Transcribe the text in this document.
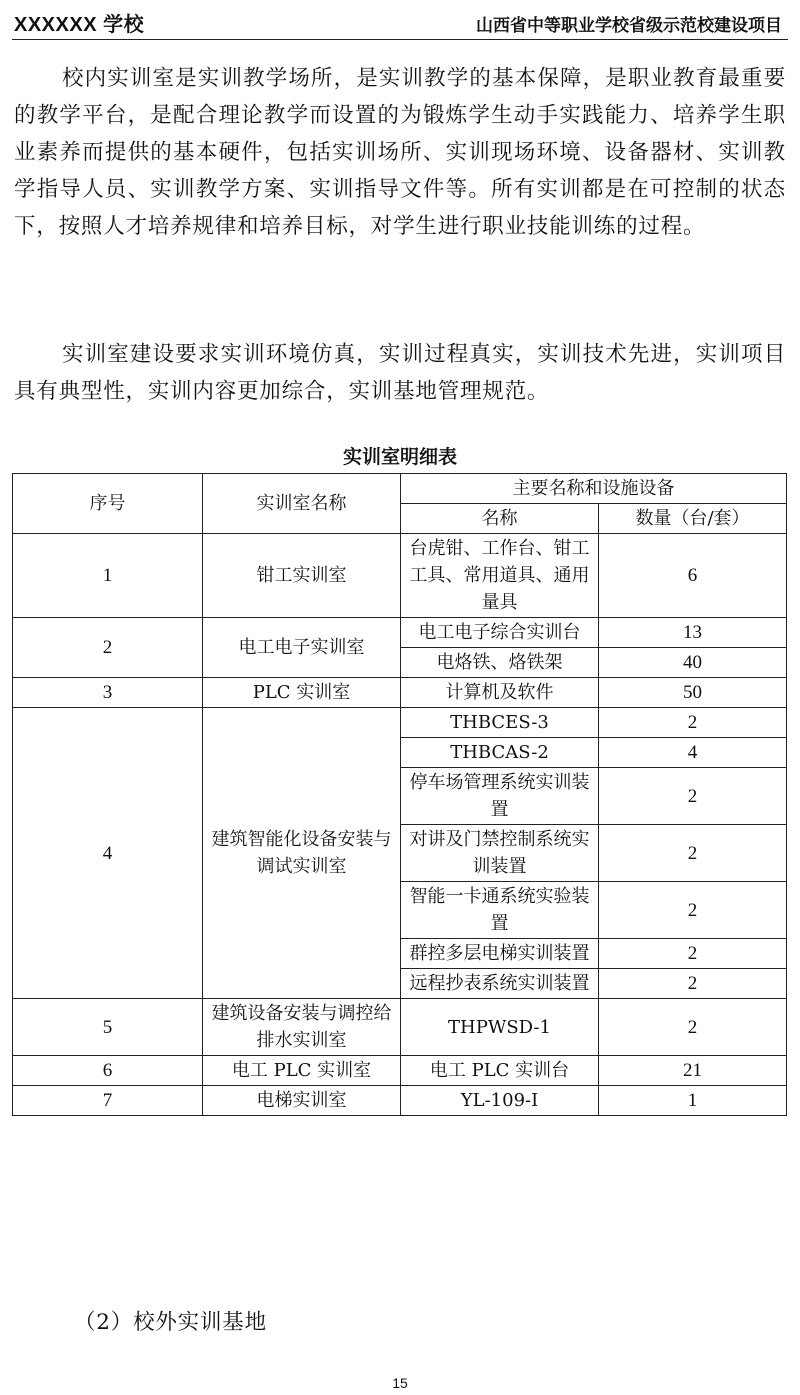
XXXXXX 学校	山西省中等职业学校省级示范校建设项目

校内实训室是实训教学场所，是实训教学的基本保障，是职业教育最重要的教学平台，是配合理论教学而设置的为锻炼学生动手实践能力、培养学生职业素养而提供的基本硬件，包括实训场所、实训现场环境、设备器材、实训教学指导人员、实训教学方案、实训指导文件等。所有实训都是在可控制的状态下，按照人才培养规律和培养目标，对学生进行职业技能训练的过程。

实训室建设要求实训环境仿真，实训过程真实，实训技术先进，实训项目具有典型性，实训内容更加综合，实训基地管理规范。

实训室明细表
序号	实训室名称	主要名称和设施设备	
		名称	数量（台/套）
1	钳工实训室	台虎钳、工作台、钳工工具、常用道具、通用量具	6
2	电工电子实训室	电工电子综合实训台	13
		电烙铁、烙铁架	40
3	PLC 实训室	计算机及软件	50
4	建筑智能化设备安装与调试实训室	THBCES-3	2
		THBCAS-2	4
		停车场管理系统实训装置	2
		对讲及门禁控制系统实训装置	2
		智能一卡通系统实验装置	2
		群控多层电梯实训装置	2
		远程抄表系统实训装置	2
5	建筑设备安装与调控给排水实训室	THPWSD-1	2
6	电工 PLC 实训室	电工 PLC 实训台	21
7	电梯实训室	YL-109-I	1
（2）校外实训基地
15
